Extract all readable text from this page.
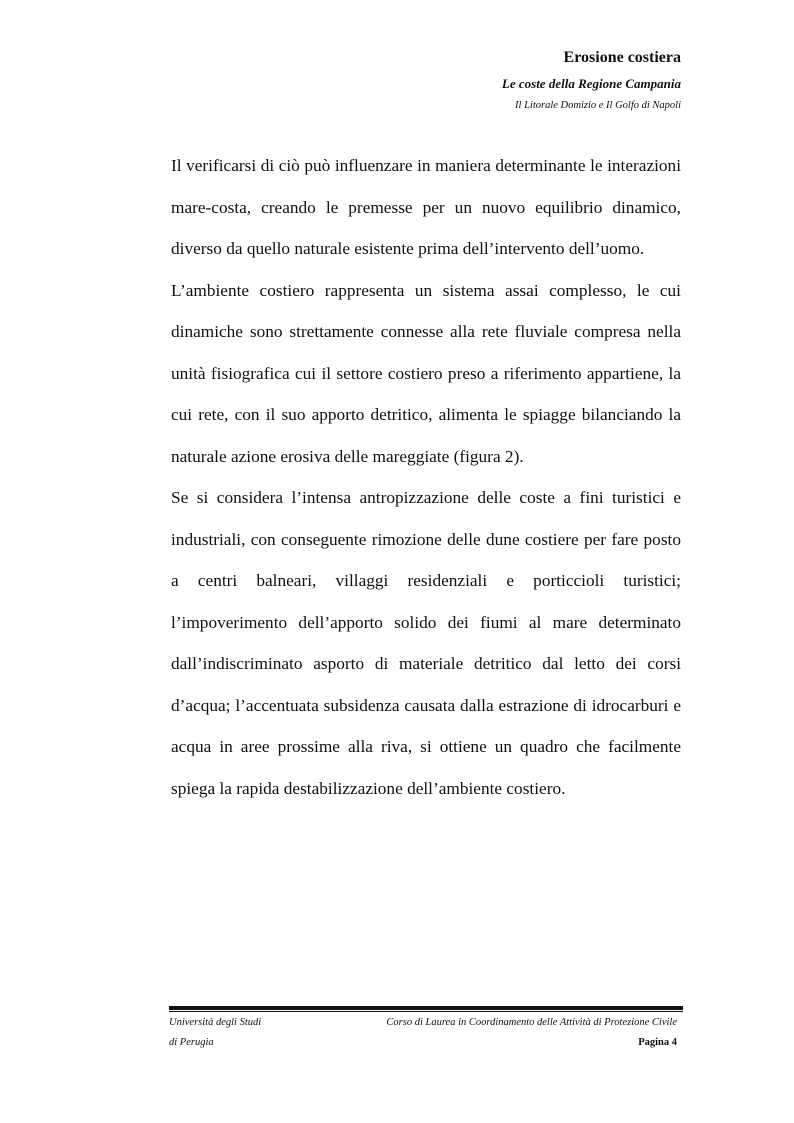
Erosione costiera
Le coste della Regione Campania
Il Litorale Domizio e Il Golfo di Napoli

Il verificarsi di ciò può influenzare in maniera determinante le interazioni mare-costa, creando le premesse per un nuovo equilibrio dinamico, diverso da quello naturale esistente prima dell’intervento dell’uomo.

L’ambiente costiero rappresenta un sistema assai complesso, le cui dinamiche sono strettamente connesse alla rete fluviale compresa nella unità fisiografica cui il settore costiero preso a riferimento appartiene, la cui rete, con il suo apporto detritico, alimenta le spiagge bilanciando la naturale azione erosiva delle mareggiate (figura 2).

Se si considera l’intensa antropizzazione delle coste a fini turistici e industriali, con conseguente rimozione delle dune costiere per fare posto a centri balneari, villaggi residenziali e porticcioli turistici; l’impoverimento dell’apporto solido dei fiumi al mare determinato dall’indiscriminato asporto di materiale detritico dal letto dei corsi d’acqua; l’accentuata subsidenza causata dalla estrazione di idrocarburi e acqua in aree prossime alla riva, si ottiene un quadro che facilmente spiega la rapida destabilizzazione dell’ambiente costiero.

Università degli Studi	Corso di Laurea in Coordinamento delle Attività di Protezione Civile
di Perugia	Pagina 4
